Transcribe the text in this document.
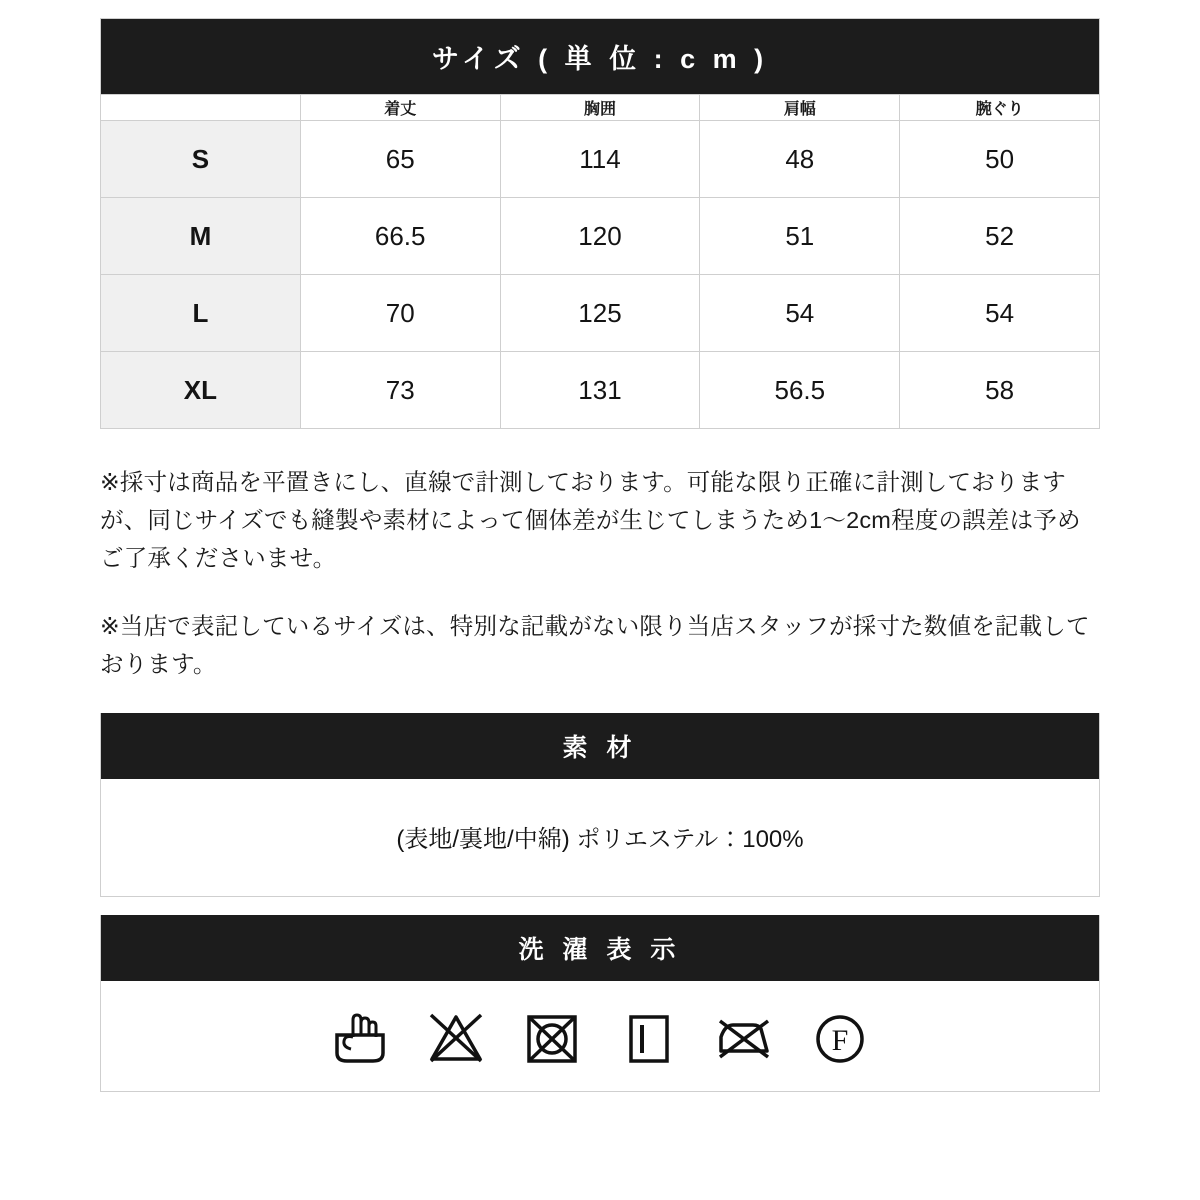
サイズ ( 単 位 : c m )				
	着丈	胸囲	肩幅	腕ぐり
S	65	114	48	50
M	66.5	120	51	52
L	70	125	54	54
XL	73	131	56.5	58

※採寸は商品を平置きにし、直線で計測しております。可能な限り正確に計測しておりますが、同じサイズでも縫製や素材によって個体差が生じてしまうため1〜2cm程度の誤差は予めご了承くださいませ。

※当店で表記しているサイズは、特別な記載がない限り当店スタッフが採寸た数値を記載しております。

素 材
(表地/裏地/中綿) ポリエステル：100%
洗 濯 表 示
F
